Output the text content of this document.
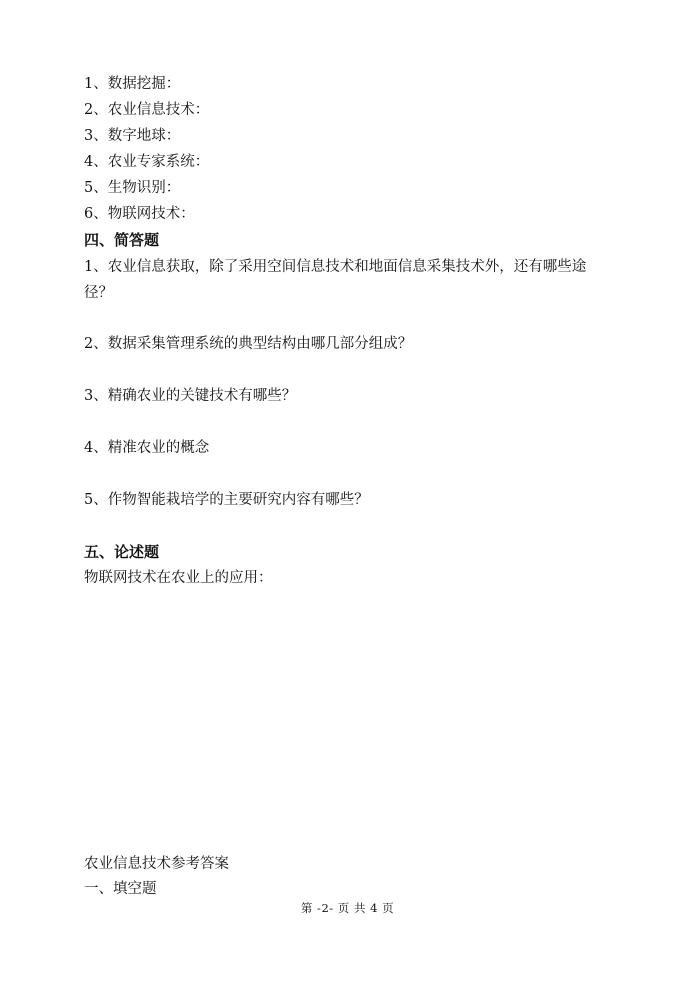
1、数据挖掘：
2、农业信息技术：
3、数字地球：
4、农业专家系统：
5、生物识别：
6、物联网技术：
四、简答题
1、农业信息获取，除了采用空间信息技术和地面信息采集技术外，还有哪些途
径？
2、数据采集管理系统的典型结构由哪几部分组成？
3、精确农业的关键技术有哪些？
4、精准农业的概念
5、作物智能栽培学的主要研究内容有哪些？
五、论述题
物联网技术在农业上的应用：
农业信息技术参考答案
一、填空题
第 -2- 页 共 4 页
